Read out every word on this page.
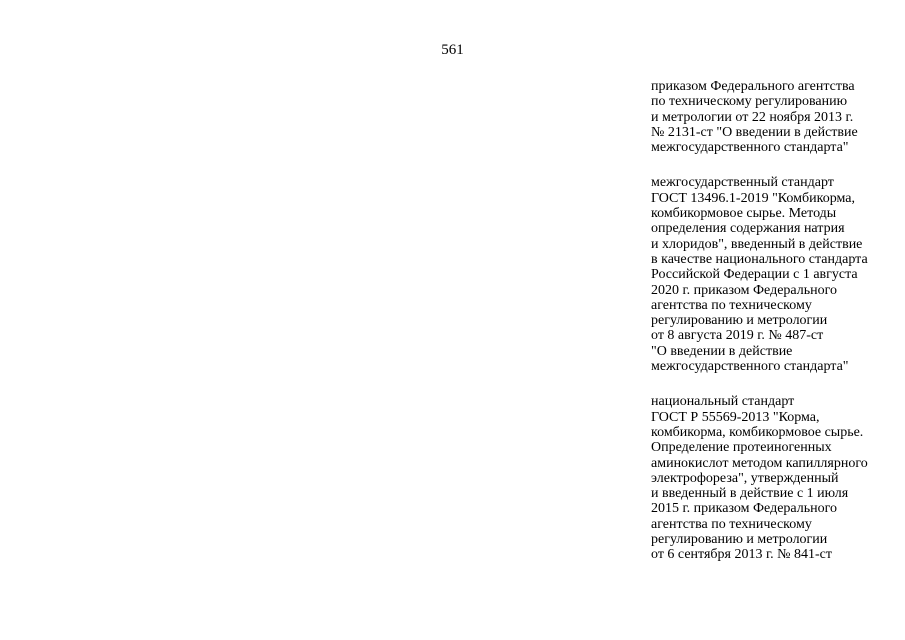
561

приказом Федерального агентства
по техническому регулированию
и метрологии от 22 ноября 2013 г.
№ 2131-ст "О введении в действие
межгосударственного стандарта"

межгосударственный стандарт
ГОСТ 13496.1-2019 "Комбикорма,
комбикормовое сырье. Методы
определения содержания натрия
и хлоридов", введенный в действие
в качестве национального стандарта
Российской Федерации с 1 августа
2020 г. приказом Федерального
агентства по техническому
регулированию и метрологии
от 8 августа 2019 г. № 487-ст
"О введении в действие
межгосударственного стандарта"

национальный стандарт
ГОСТ Р 55569-2013 "Корма,
комбикорма, комбикормовое сырье.
Определение протеиногенных
аминокислот методом капиллярного
электрофореза", утвержденный
и введенный в действие с 1 июля
2015 г. приказом Федерального
агентства по техническому
регулированию и метрологии
от 6 сентября 2013 г. № 841-ст
